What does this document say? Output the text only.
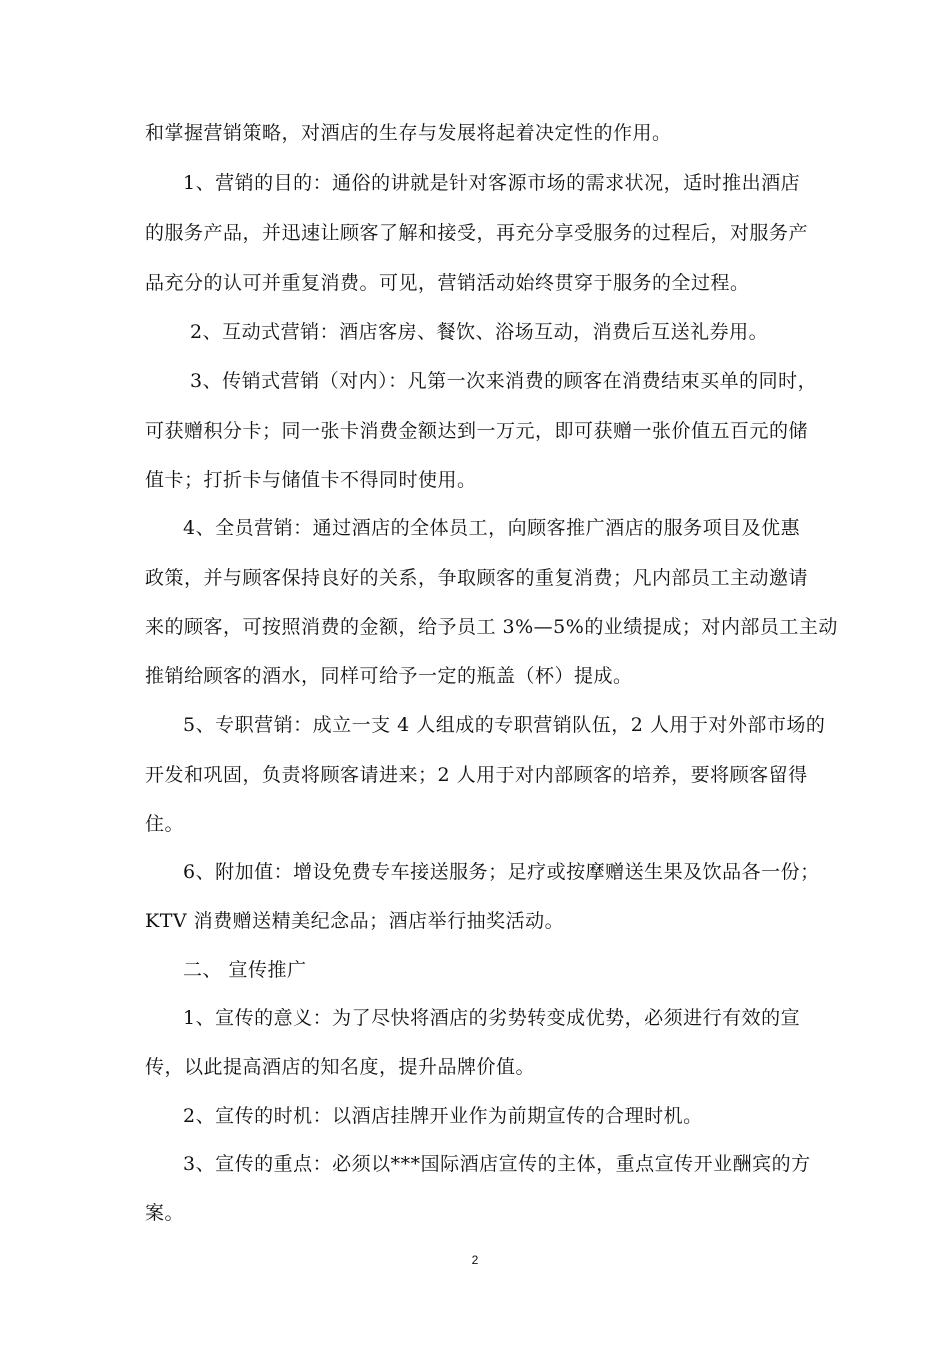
和掌握营销策略，对酒店的生存与发展将起着决定性的作用。
1、营销的目的：通俗的讲就是针对客源市场的需求状况，适时推出酒店
的服务产品，并迅速让顾客了解和接受，再充分享受服务的过程后，对服务产
品充分的认可并重复消费。可见，营销活动始终贯穿于服务的全过程。
2、互动式营销：酒店客房、餐饮、浴场互动，消费后互送礼券用。
3、传销式营销（对内）：凡第一次来消费的顾客在消费结束买单的同时，
可获赠积分卡；同一张卡消费金额达到一万元，即可获赠一张价值五百元的储
值卡；打折卡与储值卡不得同时使用。
4、全员营销：通过酒店的全体员工，向顾客推广酒店的服务项目及优惠
政策，并与顾客保持良好的关系，争取顾客的重复消费；凡内部员工主动邀请
来的顾客，可按照消费的金额，给予员工 3%—5%的业绩提成；对内部员工主动
推销给顾客的酒水，同样可给予一定的瓶盖（杯）提成。
5、专职营销：成立一支 4 人组成的专职营销队伍，2 人用于对外部市场的
开发和巩固，负责将顾客请进来；2 人用于对内部顾客的培养，要将顾客留得
住。
6、附加值：增设免费专车接送服务；足疗或按摩赠送生果及饮品各一份；
KTV 消费赠送精美纪念品；酒店举行抽奖活动。
二、 宣传推广
1、宣传的意义：为了尽快将酒店的劣势转变成优势，必须进行有效的宣
传，以此提高酒店的知名度，提升品牌价值。
2、宣传的时机：以酒店挂牌开业作为前期宣传的合理时机。
3、宣传的重点：必须以***国际酒店宣传的主体，重点宣传开业酬宾的方
案。
2
